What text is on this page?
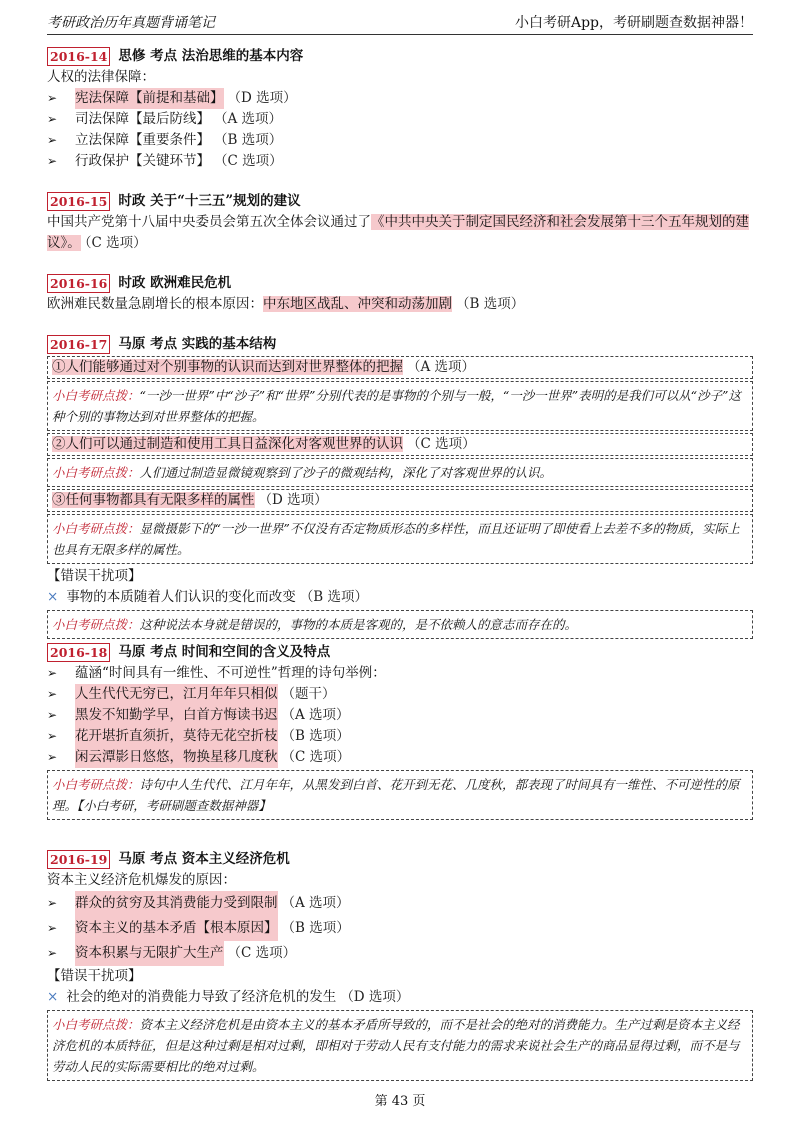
考研政治历年真题背诵笔记	小白考研App，考研刷题查数据神器！
2016-14 思修 考点 法治思维的基本内容
人权的法律保障：
➢	宪法保障【前提和基础】 （D 选项）
➢	司法保障【最后防线】 （A 选项）
➢	立法保障【重要条件】 （B 选项）
➢	行政保护【关键环节】 （C 选项）
2016-15 时政 关于“十三五”规划的建议
中国共产党第十八届中央委员会第五次全体会议通过了《中共中央关于制定国民经济和社会发展第十三个五年规划的建议》。 （C 选项）
2016-16 时政 欧洲难民危机
欧洲难民数量急剧增长的根本原因：中东地区战乱、冲突和动荡加剧 （B 选项）
2016-17 马原 考点 实践的基本结构
①人们能够通过对个别事物的认识而达到对世界整体的把握 （A 选项）
小白考研点拨：“一沙一世界”中“沙子”和“世界”分别代表的是事物的个别与一般，“一沙一世界”表明的是我们可以从“沙子”这种个别的事物达到对世界整体的把握。
②人们可以通过制造和使用工具日益深化对客观世界的认识 （C 选项）
小白考研点拨：人们通过制造显微镜观察到了沙子的微观结构，深化了对客观世界的认识。
③任何事物都具有无限多样的属性 （D 选项）
小白考研点拨：显微摄影下的“一沙一世界”不仅没有否定物质形态的多样性，而且还证明了即使看上去差不多的物质，实际上也具有无限多样的属性。
【错误干扰项】
× 事物的本质随着人们认识的变化而改变 （B 选项）
小白考研点拨：这种说法本身就是错误的，事物的本质是客观的，是不依赖人的意志而存在的。
2016-18 马原 考点 时间和空间的含义及特点
➢	蕴涵“时间具有一维性、不可逆性”哲理的诗句举例：
➢	人生代代无穷已，江月年年只相似 （题干）
➢	黑发不知勤学早，白首方悔读书迟 （A 选项）
➢	花开堪折直须折，莫待无花空折枝 （B 选项）
➢	闲云潭影日悠悠，物换星移几度秋 （C 选项）
小白考研点拨：诗句中人生代代、江月年年，从黑发到白首、花开到无花、几度秋，都表现了时间具有一维性、不可逆性的原理。【小白考研，考研刷题查数据神器】
2016-19 马原 考点 资本主义经济危机
资本主义经济危机爆发的原因：
➢	群众的贫穷及其消费能力受到限制 （A 选项）
➢	资本主义的基本矛盾【根本原因】 （B 选项）
➢	资本积累与无限扩大生产 （C 选项）
【错误干扰项】
× 社会的绝对的消费能力导致了经济危机的发生 （D 选项）
小白考研点拨：资本主义经济危机是由资本主义的基本矛盾所导致的，而不是社会的绝对的消费能力。生产过剩是资本主义经济危机的本质特征，但是这种过剩是相对过剩，即相对于劳动人民有支付能力的需求来说社会生产的商品显得过剩，而不是与劳动人民的实际需要相比的绝对过剩。
第 43 页
